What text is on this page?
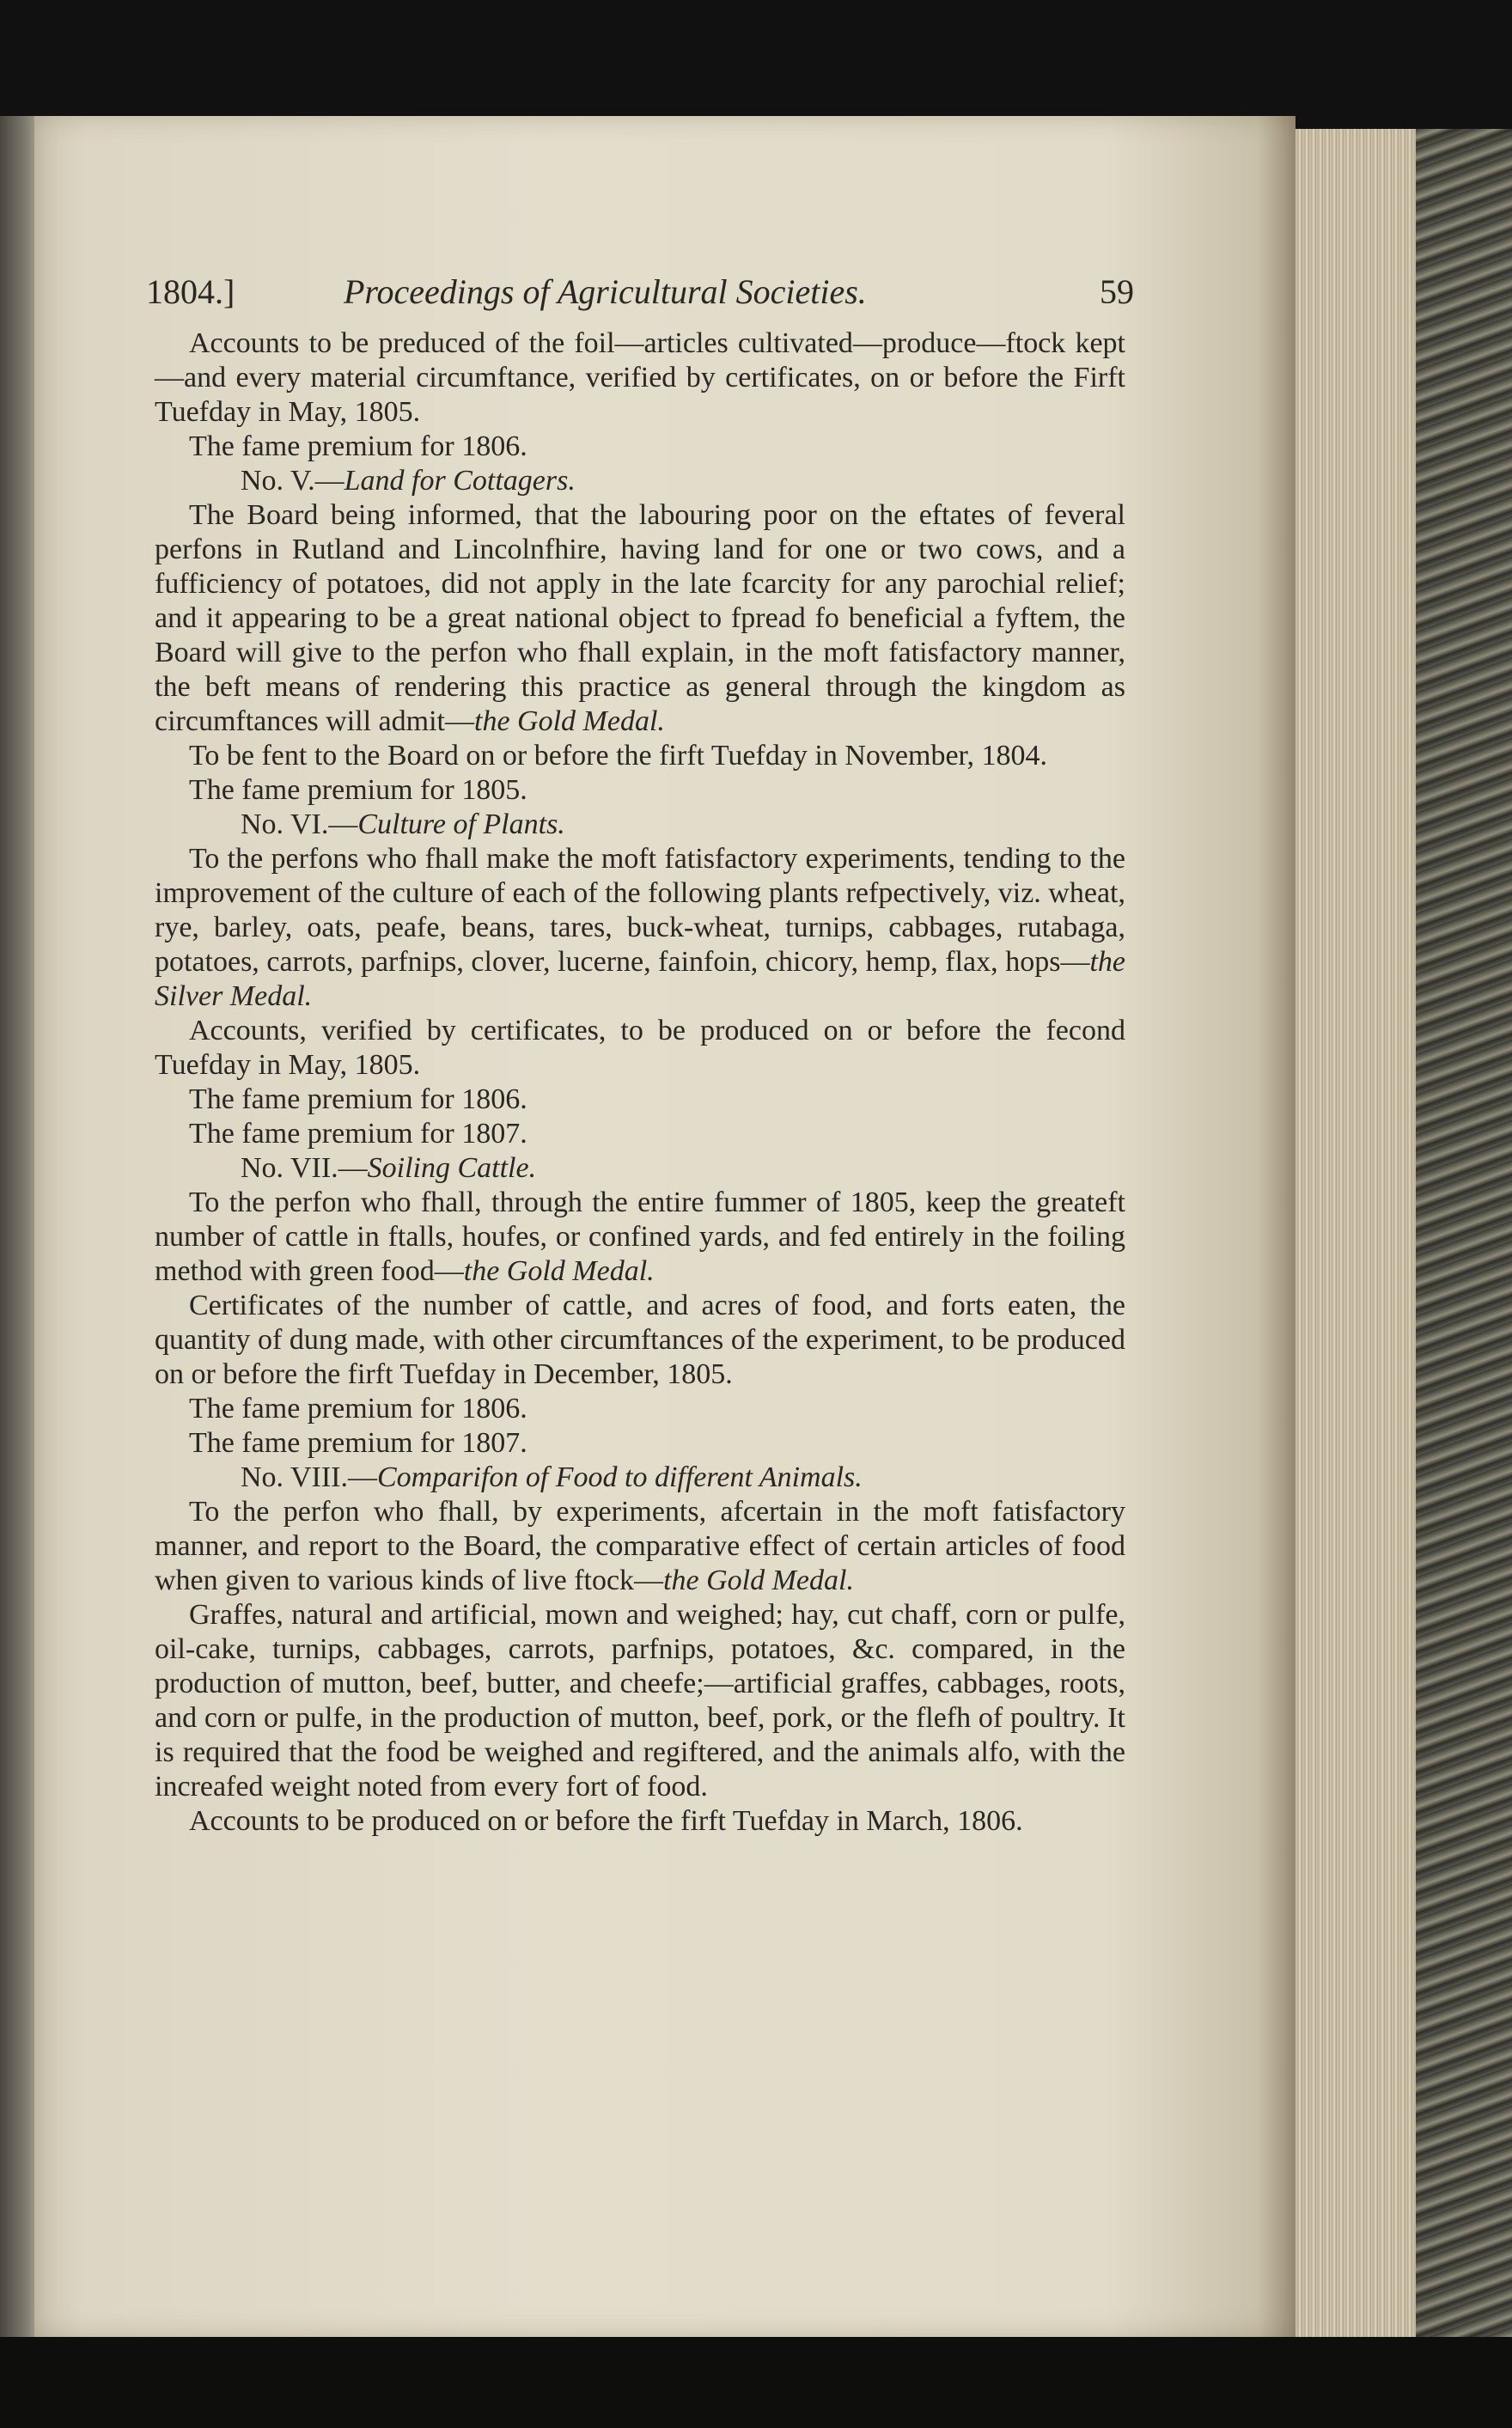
1804.]	Proceedings of Agricultural Societies.	59

Accounts to be preduced of the foil—articles cultivated—produce—ftock kept—and every material circumftance, verified by certificates, on or before the Firft Tuefday in May, 1805.

The fame premium for 1806.

No. V.—Land for Cottagers.

The Board being informed, that the labouring poor on the eftates of feveral perfons in Rutland and Lincolnfhire, having land for one or two cows, and a fufficiency of potatoes, did not apply in the late fcarcity for any parochial relief; and it appearing to be a great national object to fpread fo beneficial a fyftem, the Board will give to the perfon who fhall explain, in the moft fatisfactory manner, the beft means of rendering this practice as general through the kingdom as circumftances will admit—the Gold Medal.

To be fent to the Board on or before the firft Tuefday in November, 1804.

The fame premium for 1805.

No. VI.—Culture of Plants.

To the perfons who fhall make the moft fatisfactory experiments, tending to the improvement of the culture of each of the following plants refpectively, viz. wheat, rye, barley, oats, peafe, beans, tares, buck-wheat, turnips, cabbages, rutabaga, potatoes, carrots, parfnips, clover, lucerne, fainfoin, chicory, hemp, flax, hops—the Silver Medal.

Accounts, verified by certificates, to be produced on or before the fecond Tuefday in May, 1805.

The fame premium for 1806.

The fame premium for 1807.

No. VII.—Soiling Cattle.

To the perfon who fhall, through the entire fummer of 1805, keep the greateft number of cattle in ftalls, houfes, or confined yards, and fed entirely in the foiling method with green food—the Gold Medal.

Certificates of the number of cattle, and acres of food, and forts eaten, the quantity of dung made, with other circumftances of the experiment, to be produced on or before the firft Tuefday in December, 1805.

The fame premium for 1806.

The fame premium for 1807.

No. VIII.—Comparifon of Food to different Animals.

To the perfon who fhall, by experiments, afcertain in the moft fatisfactory manner, and report to the Board, the comparative effect of certain articles of food when given to various kinds of live ftock—the Gold Medal.

Graffes, natural and artificial, mown and weighed; hay, cut chaff, corn or pulfe, oil-cake, turnips, cabbages, carrots, parfnips, potatoes, &c. compared, in the production of mutton, beef, butter, and cheefe;—artificial graffes, cabbages, roots, and corn or pulfe, in the production of mutton, beef, pork, or the flefh of poultry. It is required that the food be weighed and regiftered, and the animals alfo, with the increafed weight noted from every fort of food.

Accounts to be produced on or before the firft Tuefday in March, 1806.
